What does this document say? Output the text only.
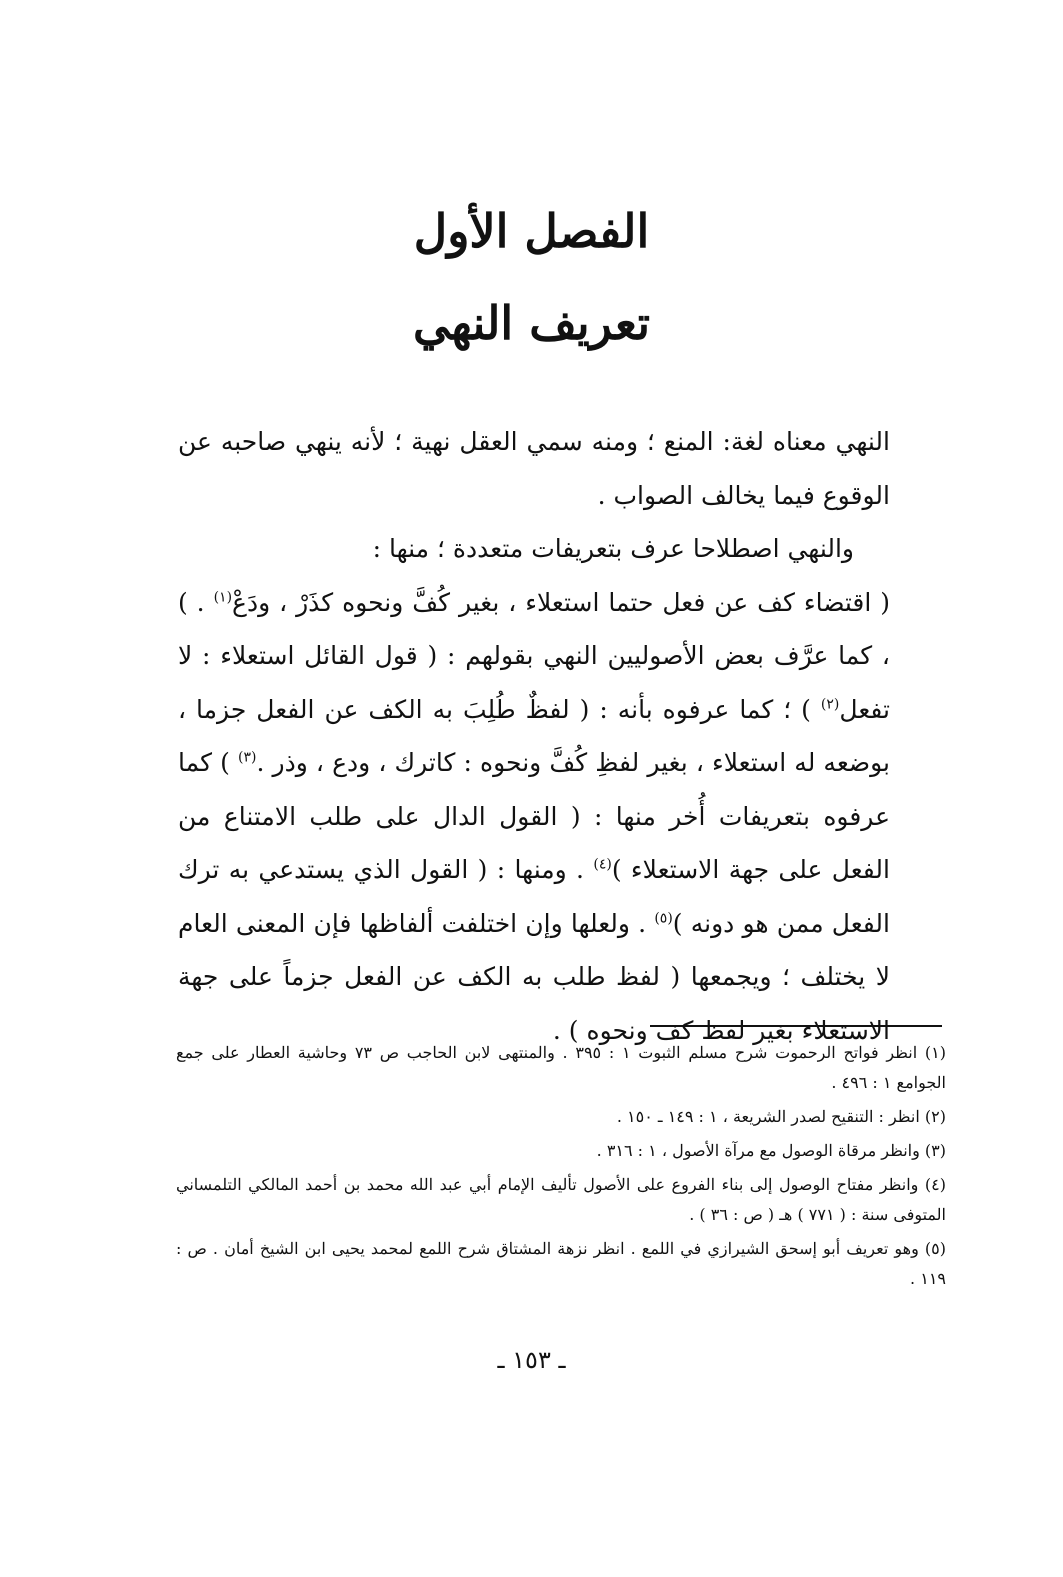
الفصل الأول
تعريف النهي

النهي معناه لغة: المنع ؛ ومنه سمي العقل نهية ؛ لأنه ينهي صاحبه عن الوقوع فيما يخالف الصواب .

والنهي اصطلاحا عرف بتعريفات متعددة ؛ منها :

( اقتضاء كف عن فعل حتما استعلاء ، بغير كُفَّ ونحوه كذَرْ ، ودَعْ$^{(١)}$ . ) ، كما عرَّف بعض الأصوليين النهي بقولهم : ( قول القائل استعلاء : لا تفعل$^{(٢)}$ ) ؛ كما عرفوه بأنه : ( لفظٌ طُلِبَ به الكف عن الفعل جزما ، بوضعه له استعلاء ، بغير لفظِ كُفَّ ونحوه : كاترك ، ودع ، وذر .$^{(٣)}$ ) كما عرفوه بتعريفات أُخر منها : ( القول الدال على طلب الامتناع من الفعل على جهة الاستعلاء )$^{(٤)}$ . ومنها : ( القول الذي يستدعي به ترك الفعل ممن هو دونه )$^{(٥)}$ . ولعلها وإن اختلفت ألفاظها فإن المعنى العام لا يختلف ؛ ويجمعها ( لفظ طلب به الكف عن الفعل جزماً على جهة الاستعلاء بغير لفظ كف ونحوه ) .

(١) انظر فواتح الرحموت شرح مسلم الثبوت ١ : ٣٩٥ . والمنتهى لابن الحاجب ص ٧٣ وحاشية العطار على جمع الجوامع ١ : ٤٩٦ .

(٢) انظر : التنقيح لصدر الشريعة ، ١ : ١٤٩ ـ ١٥٠ .

(٣) وانظر مرقاة الوصول مع مرآة الأصول ، ١ : ٣١٦ .

(٤) وانظر مفتاح الوصول إلى بناء الفروع على الأصول تأليف الإمام أبي عبد الله محمد بن أحمد المالكي التلمساني المتوفى سنة : ( ٧٧١ ) هـ ( ص : ٣٦ ) .

(٥) وهو تعريف أبو إسحق الشيرازي في اللمع . انظر نزهة المشتاق شرح اللمع لمحمد يحيى ابن الشيخ أمان . ص : ١١٩ .

ـ ١٥٣ ـ
